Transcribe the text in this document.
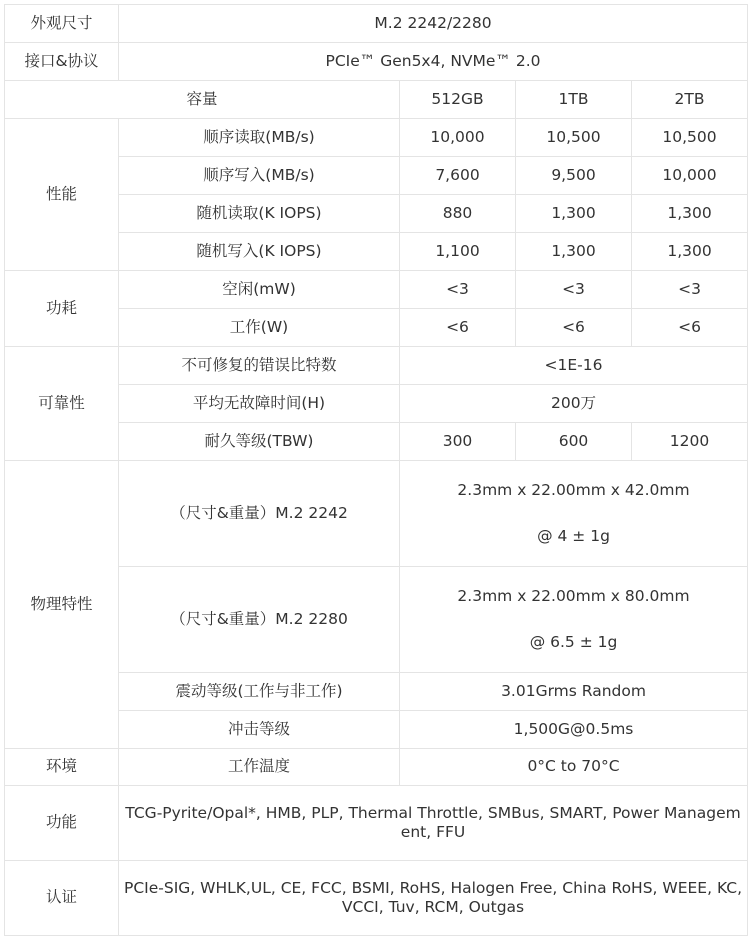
外观尺寸	M.2 2242/2280			
接口&协议	PCIe™ Gen5x4, NVMe™ 2.0			
容量		512GB	1TB	2TB
性能	顺序读取(MB/s)	10,000	10,500	10,500
	顺序写入(MB/s)	7,600	9,500	10,000
	随机读取(K IOPS)	880	1,300	1,300
	随机写入(K IOPS)	1,100	1,300	1,300
功耗	空闲(mW)	<3	<3	<3
	工作(W)	<6	<6	<6
可靠性	不可修复的错误比特数	<1E-16		
	平均无故障时间(H)	200万		
	耐久等级(TBW)	300	600	1200
物理特性	（尺寸&重量）M.2 2242	2.3mm x 22.00mm x 42.0mm
@ 4 ± 1g		

	（尺寸&重量）M.2 2280	2.3mm x 22.00mm x 80.0mm
@ 6.5 ± 1g		

	震动等级(工作与非工作)	3.01Grms Random		
	冲击等级	1,500G@0.5ms		
环境	工作温度	0°C to 70°C		
功能	TCG-Pyrite/Opal*, HMB, PLP, Thermal Throttle, SMBus, SMART, Power Management, FFU			
认证	PCIe-SIG, WHLK,UL, CE, FCC, BSMI, RoHS, Halogen Free, China RoHS, WEEE, KC, VCCI, Tuv, RCM, Outgas			
